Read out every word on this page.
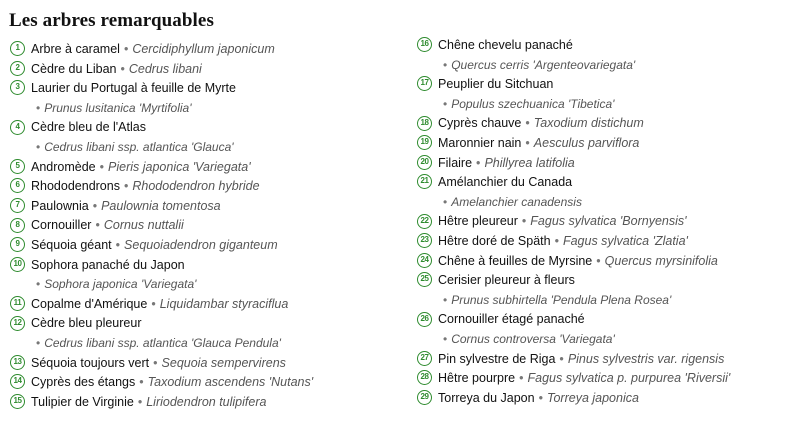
Les arbres remarquables
1 Arbre à caramel • Cercidiphyllum japonicum
2 Cèdre du Liban • Cedrus libani
3 Laurier du Portugal à feuille de Myrte
• Prunus lusitanica 'Myrtifolia'
4 Cèdre bleu de l'Atlas
• Cedrus libani ssp. atlantica 'Glauca'
5 Andromède • Pieris japonica 'Variegata'
6 Rhododendrons • Rhododendron hybride
7 Paulownia • Paulownia tomentosa
8 Cornouiller • Cornus nuttalii
9 Séquoia géant • Sequoiadendron giganteum
10 Sophora panaché du Japon
• Sophora japonica 'Variegata'
11 Copalme d'Amérique • Liquidambar styraciflua
12 Cèdre bleu pleureur
• Cedrus libani ssp. atlantica 'Glauca Pendula'
13 Séquoia toujours vert • Sequoia sempervirens
14 Cyprès des étangs • Taxodium ascendens 'Nutans'
15 Tulipier de Virginie • Liriodendron tulipifera
16 Chêne chevelu panaché
• Quercus cerris 'Argenteovariegata'
17 Peuplier du Sitchuan
• Populus szechuanica 'Tibetica'
18 Cyprès chauve • Taxodium distichum
19 Maronnier nain • Aesculus parviflora
20 Filaire • Phillyrea latifolia
21 Amélanchier du Canada
• Amelanchier canadensis
22 Hêtre pleureur • Fagus sylvatica 'Bornyensis'
23 Hêtre doré de Späth • Fagus sylvatica 'Zlatia'
24 Chêne à feuilles de Myrsine • Quercus myrsinifolia
25 Cerisier pleureur à fleurs
• Prunus subhirtella 'Pendula Plena Rosea'
26 Cornouiller étagé panaché
• Cornus controversa 'Variegata'
27 Pin sylvestre de Riga • Pinus sylvestris var. rigensis
28 Hêtre pourpre • Fagus sylvatica p. purpurea 'Riversii'
29 Torreya du Japon • Torreya japonica
